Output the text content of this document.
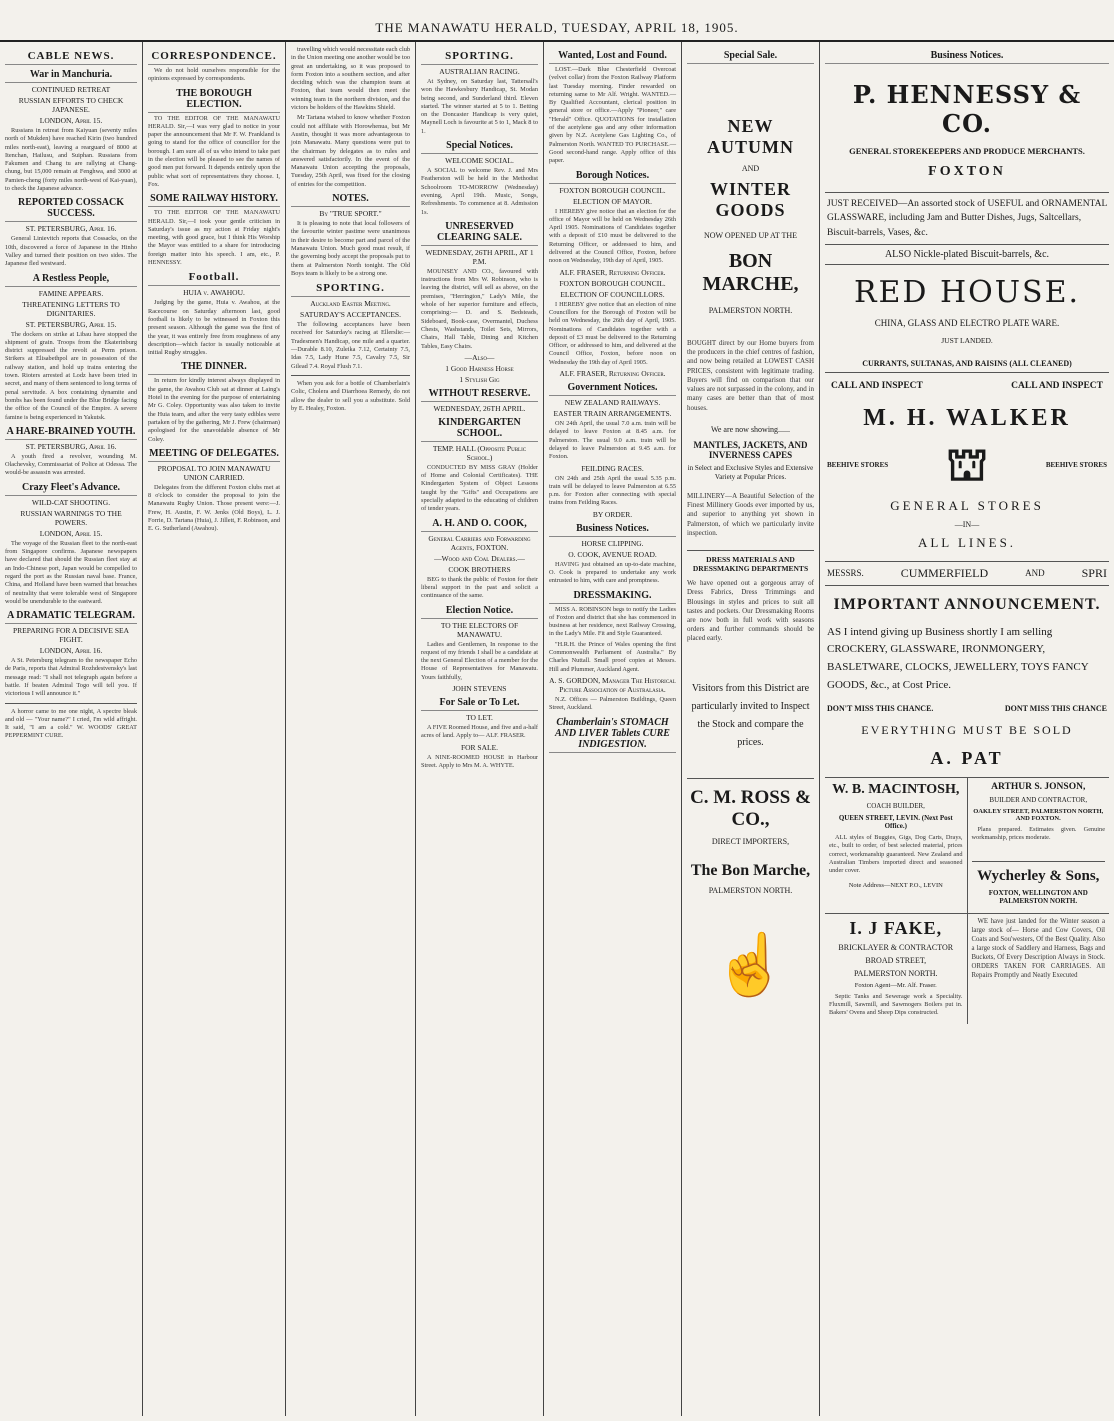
THE MANAWATU HERALD, TUESDAY, APRIL 18, 1905.
CABLE NEWS.
War in Manchuria.
CONTINUED RETREAT
RUSSIAN EFFORTS TO CHECK JAPANESE.
LONDON, April 15.

Russians in retreat from Kaiyuan (seventy miles north of Mukden) have reached Kirin (two hundred miles north-east), leaving a rearguard of 8000 at Itenchan, Hailusu, and Suiphan. Russians from Fakumen and Chang tu are rallying at Chang-chung, but 15,000 remain at Fenghwa, and 3000 at Pamien-cheng (forty miles north-west of Kai-yuan), to check the Japanese advance.

REPORTED COSSACK SUCCESS.
ST. PETERSBURG, April 16.

General Linievitch reports that Cossacks, on the 10th, discovered a force of Japanese in the Hinho Valley and turned their position on two sides. The Japanese fled westward.

A Restless People,
FAMINE APPEARS.
THREATENING LETTERS TO DIGNITARIES.
ST. PETERSBURG, April 15.

The dockers on strike at Libau have stopped the shipment of grain. Troops from the Ekaterinburg district suppressed the revolt at Perm prison. Strikers at Elisabethpol are in possession of the railway station, and hold up trains entering the town. Rioters arrested at Lodz have been tried in secret, and many of them sentenced to long terms of penal servitude. A box containing dynamite and bombs has been found under the Blue Bridge facing the office of the Council of the Empire. A severe famine is being experienced in Yakutsk.

A HARE-BRAINED YOUTH.
ST. PETERSBURG, April 16.

A youth fired a revolver, wounding M. Olachevsky, Commissariat of Police at Odessa. The would-be assassin was arrested.

Crazy Fleet's Advance.
WILD-CAT SHOOTING.
RUSSIAN WARNINGS TO THE POWERS.
LONDON, April 15.

The voyage of the Russian fleet to the north-east from Singapore confirms. Japanese newspapers have declared that should the Russian fleet stay at an Indo-Chinese port, Japan would be compelled to regard the port as the Russian naval base. France, China, and Holland have been warned that breaches of neutrality that were tolerable west of Singapore would be unendurable to the eastward.

A DRAMATIC TELEGRAM.
PREPARING FOR A DECISIVE SEA FIGHT.
LONDON, April 16.

A St. Petersburg telegram to the newspaper Echo de Paris, reports that Admiral Rozhdestvensky's last message read: "I shall not telegraph again before a battle. If beaten Admiral Togo will tell you. If victorious I will announce it."

A horror came to me one night, A spectre bleak and old — "Your name?" I cried, I'm wild affright. It said, "I am a cold." W. WOODS' GREAT PEPPERMINT CURE.

CORRESPONDENCE.

We do not hold ourselves responsible for the opinions expressed by correspondents.

THE BOROUGH ELECTION.

TO THE EDITOR OF THE MANAWATU HERALD. Sir,—I was very glad to notice in your paper the announcement that Mr F. W. Frankland is going to stand for the office of councillor for the borough. I am sure all of us who intend to take part in the election will be pleased to see the names of good men put forward. It depends entirely upon the public what sort of representatives they choose. I, Fox.

SOME RAILWAY HISTORY.

TO THE EDITOR OF THE MANAWATU HERALD. Sir,—I took your gentle criticism in Saturday's issue as my action at Friday night's meeting, with good grace, but I think His Worship the Mayor was entitled to a share for introducing foreign matter into his speech. I am, etc., P. HENNESSY.

Football.
HUIA v. AWAHOU.

Judging by the game, Huia v. Awahou, at the Racecourse on Saturday afternoon last, good football is likely to be witnessed in Foxton this present season. Although the game was the first of the year, it was entirely free from roughness of any description—which factor is usually noticeable at initial Rugby struggles.

THE DINNER.

In return for kindly interest always displayed in the game, the Awahou Club sat at dinner at Laing's Hotel in the evening for the purpose of entertaining Mr G. Coley. Opportunity was also taken to invite the Huia team, and after the very tasty edibles were partaken of by the gathering, Mr J. Frew (chairman) apologised for the unavoidable absence of Mr Coley.

MEETING OF DELEGATES.
PROPOSAL TO JOIN MANAWATU UNION CARRIED.

Delegates from the different Foxton clubs met at 8 o'clock to consider the proposal to join the Manawatu Rugby Union. Those present were:—J. Frew, H. Austin, F. W. Jenks (Old Boys), L. J. Forrie, D. Tartana (Huia), J. Jillett, F. Robinson, and E. G. Sutherland (Awahou).

travelling which would necessitate each club in the Union meeting one another would be too great an undertaking, so it was proposed to form Foxton into a southern section, and after deciding which was the champion team at Foxton, that team would then meet the winning team in the northern division, and the victors be holders of the Hawkins Shield.

Mr Tartana wished to know whether Foxton could not affiliate with Horowhenua, but Mr Austin, thought it was more advantageous to join Manawatu. Many questions were put to the chairman by delegates as to rules and answered satisfactorily. In the event of the Manawatu Union accepting the proposals, Tuesday, 25th April, was fixed for the closing of entries for the competition.

NOTES.
By "TRUE SPORT."

It is pleasing to note that local followers of the favourite winter pastime were unanimous in their desire to become part and parcel of the Manawatu Union. Much good must result, if the governing body accept the proposals put to them at Palmerston North tonight. The Old Boys team is likely to be a strong one.

SPORTING.
Auckland Easter Meeting.
SATURDAY'S ACCEPTANCES.

The following acceptances have been received for Saturday's racing at Ellerslie:— Tradesmen's Handicap, one mile and a quarter.—Durable 8.10, Zuleika 7.12, Certainty 7.5, Idas 7.5, Lady Hune 7.5, Cavalry 7.5, Sir Gilead 7.4. Royal Flush 7.1.

When you ask for a bottle of Chamberlain's Colic, Cholera and Diarrhoea Remedy, do not allow the dealer to sell you a substitute. Sold by E. Healey, Foxton.

SPORTING.
AUSTRALIAN RACING.

At Sydney, on Saturday last, Tattersall's won the Hawkesbury Handicap, St. Modan being second, and Sunderland third. Eleven started. The winner started at 5 to 1. Betting on the Doncaster Handicap is very quiet, Maynell Loch is favourite at 5 to 1, Mack 8 to 1.

Special Notices.
WELCOME SOCIAL.

A SOCIAL to welcome Rev. J. and Mrs Featherston will be held in the Methodist Schoolroom TO-MORROW (Wednesday) evening, April 19th. Music, Songs, Refreshments. To commence at 8. Admission 1s.

UNRESERVED CLEARING SALE.
WEDNESDAY, 26TH APRIL, AT 1 P.M.

MOUNSEY AND CO., favoured with instructions from Mrs W. Robinson, who is leaving the district, will sell as above, on the premises, "Herrington," Lady's Mile, the whole of her superior furniture and effects, comprising:— D. and S. Bedsteads, Sideboard, Book-case, Overmantel, Duchess Chests, Washstands, Toilet Sets, Mirrors, Chairs, Hall Table, Dining and Kitchen Tables, Easy Chairs.

—Also—
1 Good Harness Horse
1 Stylish Gig
WITHOUT RESERVE.
WEDNESDAY, 26TH APRIL.
KINDERGARTEN SCHOOL.
TEMP. HALL (Opposite Public School.)

CONDUCTED BY MISS GRAY (Holder of Home and Colonial Certificates). THE Kindergarten System of Object Lessons taught by the "Gifts" and Occupations are specially adapted to the educating of children of tender years.

A. H. AND O. COOK,
General Carriers and Forwarding Agents, FOXTON.
—Wood and Coal Dealers.—
COOK BROTHERS

BEG to thank the public of Foxton for their liberal support in the past and solicit a continuance of the same.

Election Notice.
TO THE ELECTORS OF MANAWATU.

Ladies and Gentlemen, In response to the request of my friends I shall be a candidate at the next General Election of a member for the House of Representatives for Manawatu. Yours faithfully,

JOHN STEVENS
For Sale or To Let.
TO LET.

A FIVE Roomed House, and five and a-half acres of land. Apply to— ALF. FRASER.

FOR SALE.

A NINE-ROOMED HOUSE in Harbour Street. Apply to Mrs M. A. WHYTE.

Wanted, Lost and Found.

LOST.—Dark Blue Chesterfield Overcoat (velvet collar) from the Foxton Railway Platform last Tuesday morning. Finder rewarded on returning same to Mr Alf. Wright. WANTED.—By Qualified Accountant, clerical position in general store or office.—Apply "Pioneer," care "Herald" Office. QUOTATIONS for installation of the acetylene gas and any other information given by N.Z. Acetylene Gas Lighting Co., of Palmerston North. WANTED TO PURCHASE.—Good second-hand range. Apply office of this paper.

Borough Notices.
FOXTON BOROUGH COUNCIL.
ELECTION OF MAYOR.

I HEREBY give notice that an election for the office of Mayor will be held on Wednesday 26th April 1905. Nominations of Candidates together with a deposit of £10 must be delivered to the Returning Officer, or addressed to him, and delivered at the Council Office, Foxton, before noon on Wednesday, 19th day of April, 1905.

ALF. FRASER, Returning Officer.
FOXTON BOROUGH COUNCIL.
ELECTION OF COUNCILLORS.

I HEREBY give notice that an election of nine Councillors for the Borough of Foxton will be held on Wednesday, the 26th day of April, 1905. Nominations of Candidates together with a deposit of £3 must be delivered to the Returning Officer, or addressed to him, and delivered at the Council Office, Foxton, before noon on Wednesday the 19th day of April 1905.

ALF. FRASER, Returning Officer.
Government Notices.
NEW ZEALAND RAILWAYS.
EASTER TRAIN ARRANGEMENTS.

ON 24th April, the usual 7.0 a.m. train will be delayed to leave Foxton at 8.45 a.m. for Palmerston. The usual 9.0 a.m. train will be delayed to leave Palmerston at 9.45 a.m. for Foxton.

FEILDING RACES.

ON 24th and 25th April the usual 5.35 p.m. train will be delayed to leave Palmerston at 6.55 p.m. for Foxton after connecting with special trains from Feilding Races.

BY ORDER.
Business Notices.
HORSE CLIPPING.
O. COOK, AVENUE ROAD.

HAVING just obtained an up-to-date machine, O. Cook is prepared to undertake any work entrusted to him, with care and promptness.

DRESSMAKING.

MISS A. ROBINSON begs to notify the Ladies of Foxton and district that she has commenced in business at her residence, next Railway Crossing, in the Lady's Mile. Fit and Style Guaranteed.

"H.R.H. the Prince of Wales opening the first Commonwealth Parliament of Australia." By Charles Nuttall. Small proof copies at Messrs. Hill and Plummer, Auckland Agent.

A. S. GORDON, Manager The Historical Picture Association of Australasia.

N.Z. Offices — Palmerston Buildings, Queen Street, Auckland.

Chamberlain's STOMACH AND LIVER Tablets CURE INDIGESTION.
Special Sale.
NEW AUTUMN
AND
WINTER GOODS
NOW OPENED UP AT THE
BON MARCHE,
PALMERSTON NORTH.

BOUGHT direct by our Home buyers from the producers in the chief centres of fashion, and now being retailed at LOWEST CASH PRICES, consistent with legitimate trading. Buyers will find on comparison that our values are not surpassed in the colony, and in many cases are better than that of most houses.

We are now showing......
MANTLES, JACKETS, AND INVERNESS CAPES
in Select and Exclusive Styles and Extensive Variety at Popular Prices.

MILLINERY—A Beautiful Selection of the Finest Millinery Goods ever imported by us, and superior to anything yet shown in Palmerston, of which we particularly invite inspection.

DRESS MATERIALS AND DRESSMAKING DEPARTMENTS

We have opened out a gorgeous array of Dress Fabrics, Dress Trimmings and Blousings in styles and prices to suit all tastes and pockets. Our Dressmaking Rooms are now both in full work with seasons orders and further commands should be placed early.

Visitors from this District are particularly invited to Inspect the Stock and compare the prices.
C. M. ROSS & CO.,
DIRECT IMPORTERS,
The Bon Marche,
PALMERSTON NORTH.
☝
Business Notices.
P. HENNESSY & CO.
GENERAL STOREKEEPERS AND PRODUCE MERCHANTS.
FOXTON
JUST RECEIVED—An assorted stock of USEFUL and ORNAMENTAL GLASSWARE, including Jam and Butter Dishes, Jugs, Saltcellars, Biscuit-barrels, Vases, &c.
ALSO Nickle-plated Biscuit-barrels, &c.
RED HOUSE.
CHINA, GLASS AND ELECTRO PLATE WARE.
JUST LANDED.
CURRANTS, SULTANAS, AND RAISINS (ALL CLEANED)
CALL AND INSPECT	CALL AND INSPECT
M. H. WALKER
BEEHIVE STORES ⛫	BEEHIVE STORES
GENERAL STORES
—IN—
ALL LINES.
MESSRS.	CUMMERFIELD	AND	SPRI
IMPORTANT ANNOUNCEMENT.
AS I intend giving up Business shortly I am selling CROCKERY, GLASSWARE, IRONMONGERY, BASLETWARE, CLOCKS, JEWELLERY, TOYS FANCY GOODS, &c., at Cost Price.
DON'T MISS THIS CHANCE.	DONT MISS THIS CHANCE
EVERYTHING MUST BE SOLD
A. PAT
W. B. MACINTOSH,
COACH BUILDER,
QUEEN STREET, LEVIN. (Next Post Office.)

ALL styles of Buggies, Gigs, Dog Carts, Drays, etc., built to order, of best selected material, prices correct, workmanship guaranteed. New Zealand and Australian Timbers imported direct and seasoned under cover.

Note Address—NEXT P.O., LEVIN
ARTHUR S. JONSON,
BUILDER AND CONTRACTOR,
OAKLEY STREET, PALMERSTON NORTH, AND FOXTON.

Plans prepared. Estimates given. Genuine workmanship, prices moderate.

Wycherley & Sons,
FOXTON, WELLINGTON AND PALMERSTON NORTH.
I. J FAKE,
BRICKLAYER & CONTRACTOR
BROAD STREET,
PALMERSTON NORTH.
Foxton Agent—Mr. Alf. Fraser.

Septic Tanks and Sewerage work a Speciality. Fluxmill, Sawmill, and Sawmogers Boilers put in. Bakers' Ovens and Sheep Dips constructed.

WE have just landed for the Winter season a large stock of— Horse and Cow Covers, Oil Coats and Sou'westers, Of the Best Quality. Also a large stock of Saddlery and Harness, Bags and Buckets, Of Every Description Always in Stock. ORDERS TAKEN FOR CARRIAGES. All Repairs Promptly and Neatly Executed
